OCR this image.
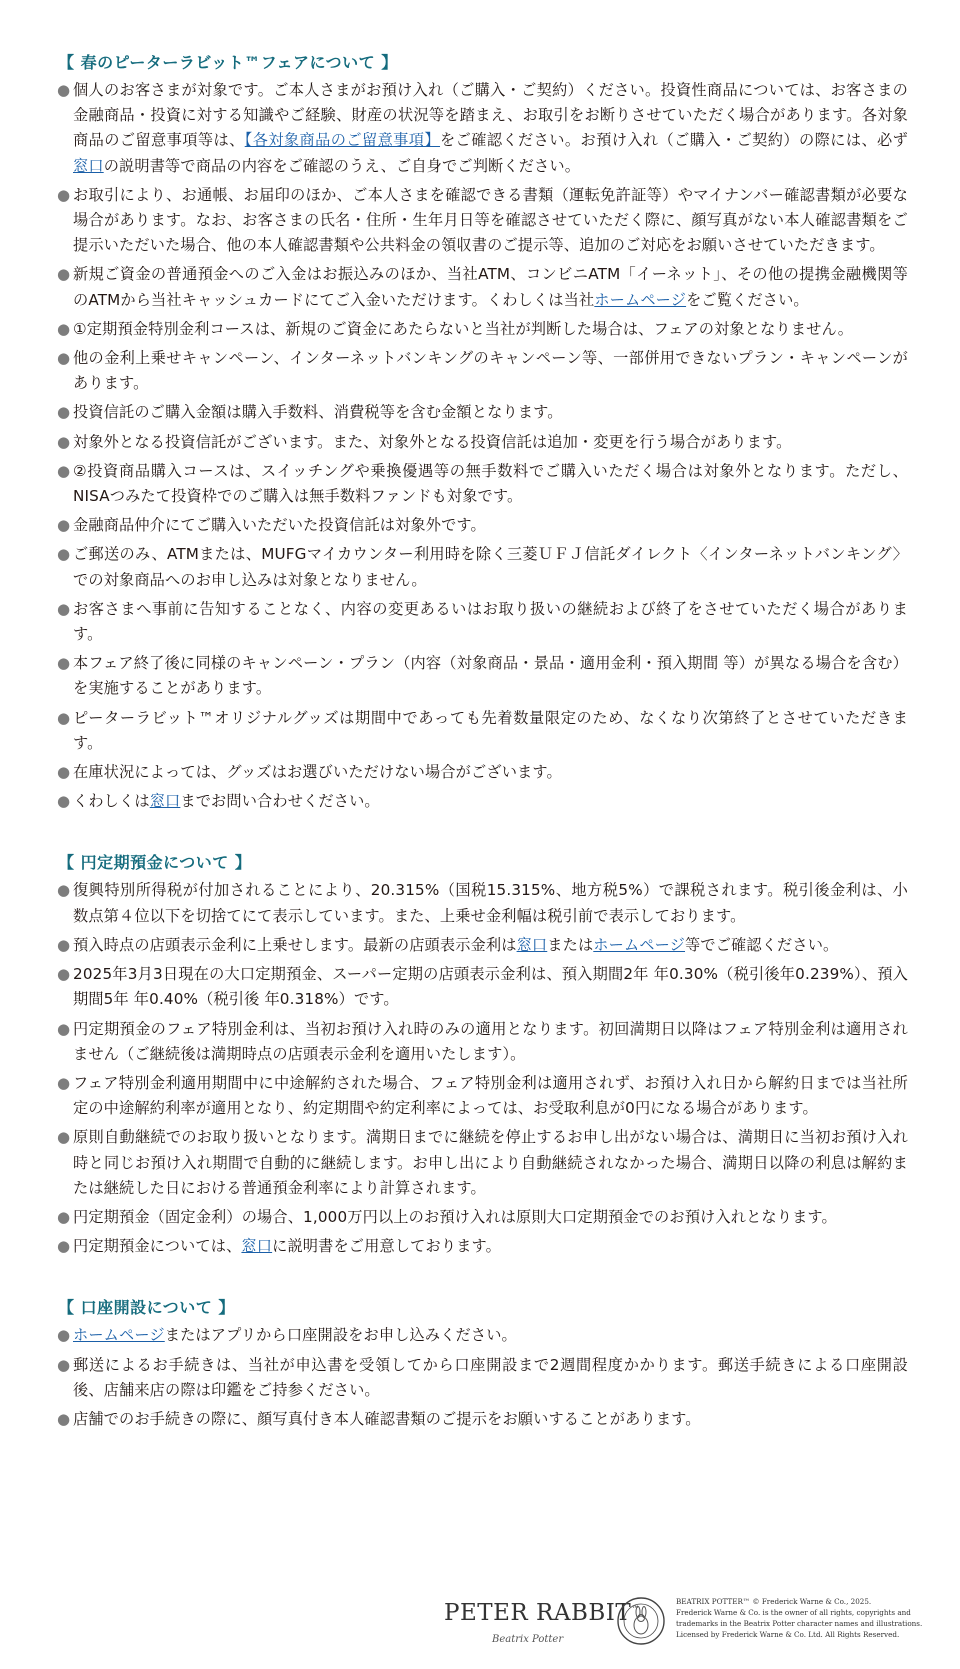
【 春のピーターラビット™フェアについて 】
● 個人のお客さまが対象です。ご本人さまがお預け入れ（ご購入・ご契約）ください。投資性商品については、お客さまの金融商品・投資に対する知識やご経験、財産の状況等を踏まえ、お取引をお断りさせていただく場合があります。各対象商品のご留意事項等は、【各対象商品のご留意事項】をご確認ください。お預け入れ（ご購入・ご契約）の際には、必ず窓口の説明書等で商品の内容をご確認のうえ、ご自身でご判断ください。
● お取引により、お通帳、お届印のほか、ご本人さまを確認できる書類（運転免許証等）やマイナンバー確認書類が必要な場合があります。なお、お客さまの氏名・住所・生年月日等を確認させていただく際に、顔写真がない本人確認書類をご提示いただいた場合、他の本人確認書類や公共料金の領収書のご提示等、追加のご対応をお願いさせていただきます。
● 新規ご資金の普通預金へのご入金はお振込みのほか、当社ATM、コンビニATM「イーネット」、その他の提携金融機関等のATMから当社キャッシュカードにてご入金いただけます。くわしくは当社ホームページをご覧ください。
● ①定期預金特別金利コースは、新規のご資金にあたらないと当社が判断した場合は、フェアの対象となりません。
● 他の金利上乗せキャンペーン、インターネットバンキングのキャンペーン等、一部併用できないプラン・キャンペーンがあります。
● 投資信託のご購入金額は購入手数料、消費税等を含む金額となります。
● 対象外となる投資信託がございます。また、対象外となる投資信託は追加・変更を行う場合があります。
● ②投資商品購入コースは、スイッチングや乗換優遇等の無手数料でご購入いただく場合は対象外となります。ただし、NISAつみたて投資枠でのご購入は無手数料ファンドも対象です。
● 金融商品仲介にてご購入いただいた投資信託は対象外です。
● ご郵送のみ、ATMまたは、MUFGマイカウンター利用時を除く三菱ＵＦＪ信託ダイレクト〈インターネットバンキング〉での対象商品へのお申し込みは対象となりません。
● お客さまへ事前に告知することなく、内容の変更あるいはお取り扱いの継続および終了をさせていただく場合があります。
● 本フェア終了後に同様のキャンペーン・プラン（内容（対象商品・景品・適用金利・預入期間 等）が異なる場合を含む）を実施することがあります。
● ピーターラビット™オリジナルグッズは期間中であっても先着数量限定のため、なくなり次第終了とさせていただきます。
● 在庫状況によっては、グッズはお選びいただけない場合がございます。
● くわしくは窓口までお問い合わせください。
【 円定期預金について 】
● 復興特別所得税が付加されることにより、20.315%（国税15.315%、地方税5%）で課税されます。税引後金利は、小数点第４位以下を切捨てにて表示しています。また、上乗せ金利幅は税引前で表示しております。
● 預入時点の店頭表示金利に上乗せします。最新の店頭表示金利は窓口またはホームページ等でご確認ください。
● 2025年3月3日現在の大口定期預金、スーパー定期の店頭表示金利は、預入期間2年 年0.30%（税引後年0.239%）、預入期間5年 年0.40%（税引後 年0.318%）です。
● 円定期預金のフェア特別金利は、当初お預け入れ時のみの適用となります。初回満期日以降はフェア特別金利は適用されません（ご継続後は満期時点の店頭表示金利を適用いたします）。
● フェア特別金利適用期間中に中途解約された場合、フェア特別金利は適用されず、お預け入れ日から解約日までは当社所定の中途解約利率が適用となり、約定期間や約定利率によっては、お受取利息が0円になる場合があります。
● 原則自動継続でのお取り扱いとなります。満期日までに継続を停止するお申し出がない場合は、満期日に当初お預け入れ時と同じお預け入れ期間で自動的に継続します。お申し出により自動継続されなかった場合、満期日以降の利息は解約または継続した日における普通預金利率により計算されます。
● 円定期預金（固定金利）の場合、1,000万円以上のお預け入れは原則大口定期預金でのお預け入れとなります。
● 円定期預金については、窓口に説明書をご用意しております。
【 口座開設について 】
● ホームページまたはアプリから口座開設をお申し込みください。
● 郵送によるお手続きは、当社が申込書を受領してから口座開設まで2週間程度かかります。郵送手続きによる口座開設後、店舗来店の際は印鑑をご持参ください。
● 店舗でのお手続きの際に、顔写真付き本人確認書類のご提示をお願いすることがあります。
PETER RABBIT™
Beatrix Potter
BEATRIX POTTER™ © Frederick Warne & Co., 2025.
Frederick Warne & Co. is the owner of all rights, copyrights and
trademarks in the Beatrix Potter character names and illustrations.
Licensed by Frederick Warne & Co. Ltd. All Rights Reserved.
